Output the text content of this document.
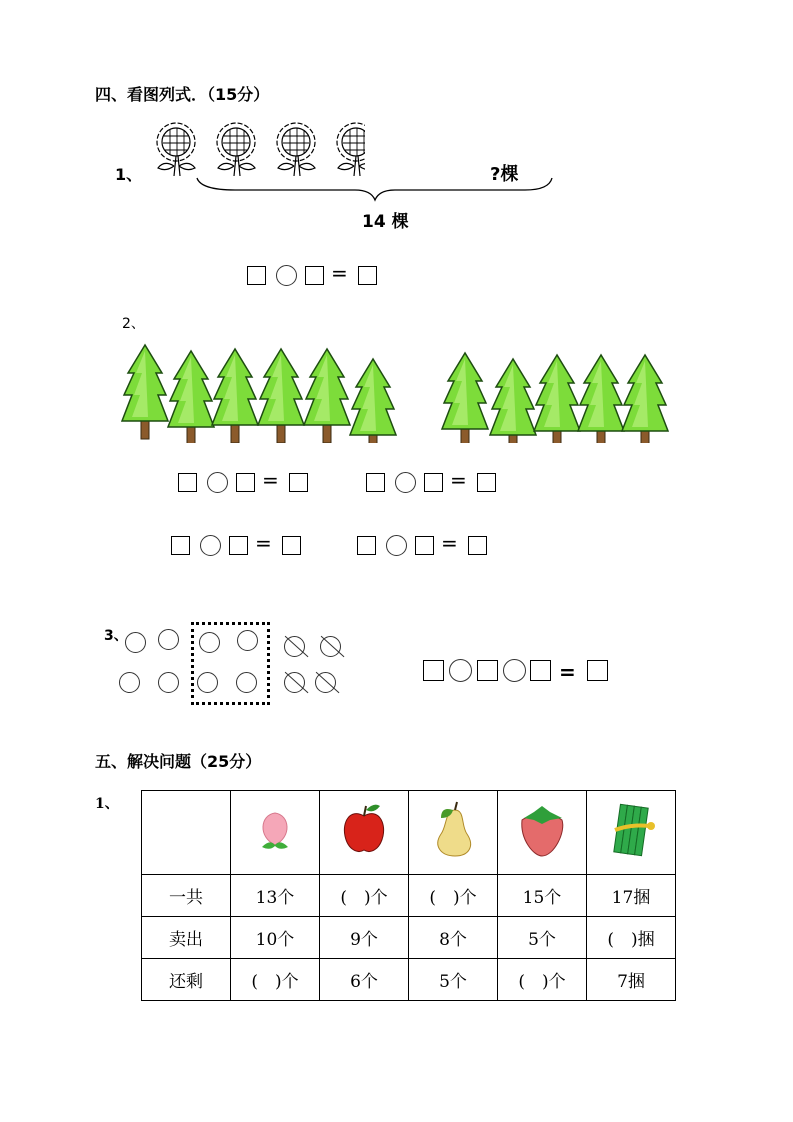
四、看图列式．（15分）
1、	?棵
14 棵
=
2、
=	=
=	=
3、
=
五、解决问题（25分）
1、

一共	13个	(　)个	(　)个	15个	17捆
卖出	10个	9个	8个	5个	(　)捆
还剩	(　)个	6个	5个	(　)个	7捆
